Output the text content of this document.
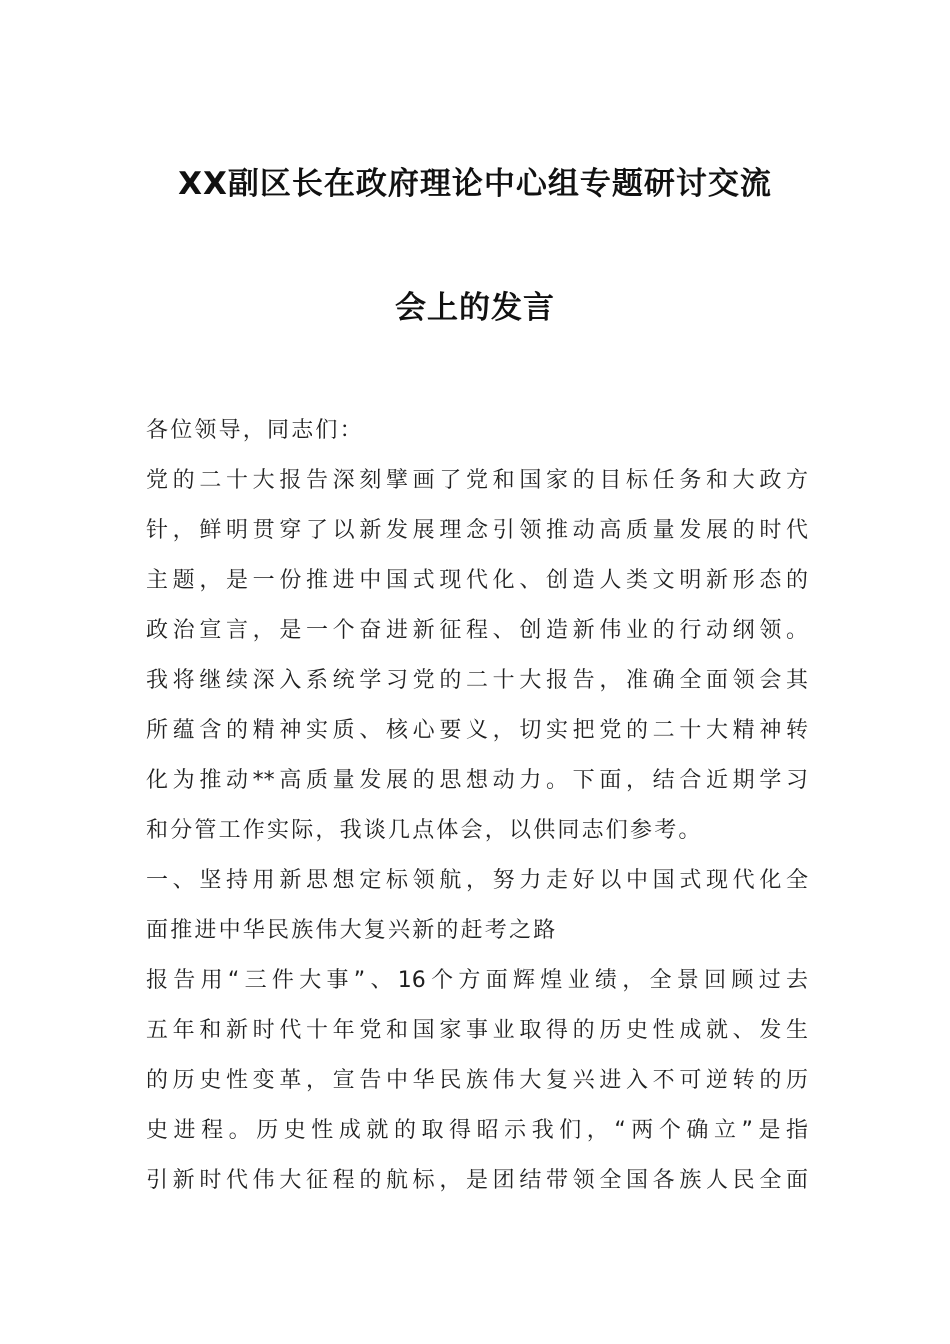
XX副区长在政府理论中心组专题研讨交流
会上的发言
各位领导，同志们：
党的二十大报告深刻擘画了党和国家的目标任务和大政方
针，鲜明贯穿了以新发展理念引领推动高质量发展的时代
主题，是一份推进中国式现代化、创造人类文明新形态的
政治宣言，是一个奋进新征程、创造新伟业的行动纲领。
我将继续深入系统学习党的二十大报告，准确全面领会其
所蕴含的精神实质、核心要义，切实把党的二十大精神转
化为推动**高质量发展的思想动力。下面，结合近期学习
和分管工作实际，我谈几点体会，以供同志们参考。
一、坚持用新思想定标领航，努力走好以中国式现代化全
面推进中华民族伟大复兴新的赶考之路
报告用“三件大事”、16个方面辉煌业绩，全景回顾过去
五年和新时代十年党和国家事业取得的历史性成就、发生
的历史性变革，宣告中华民族伟大复兴进入不可逆转的历
史进程。历史性成就的取得昭示我们，“两个确立”是指
引新时代伟大征程的航标，是团结带领全国各族人民全面
